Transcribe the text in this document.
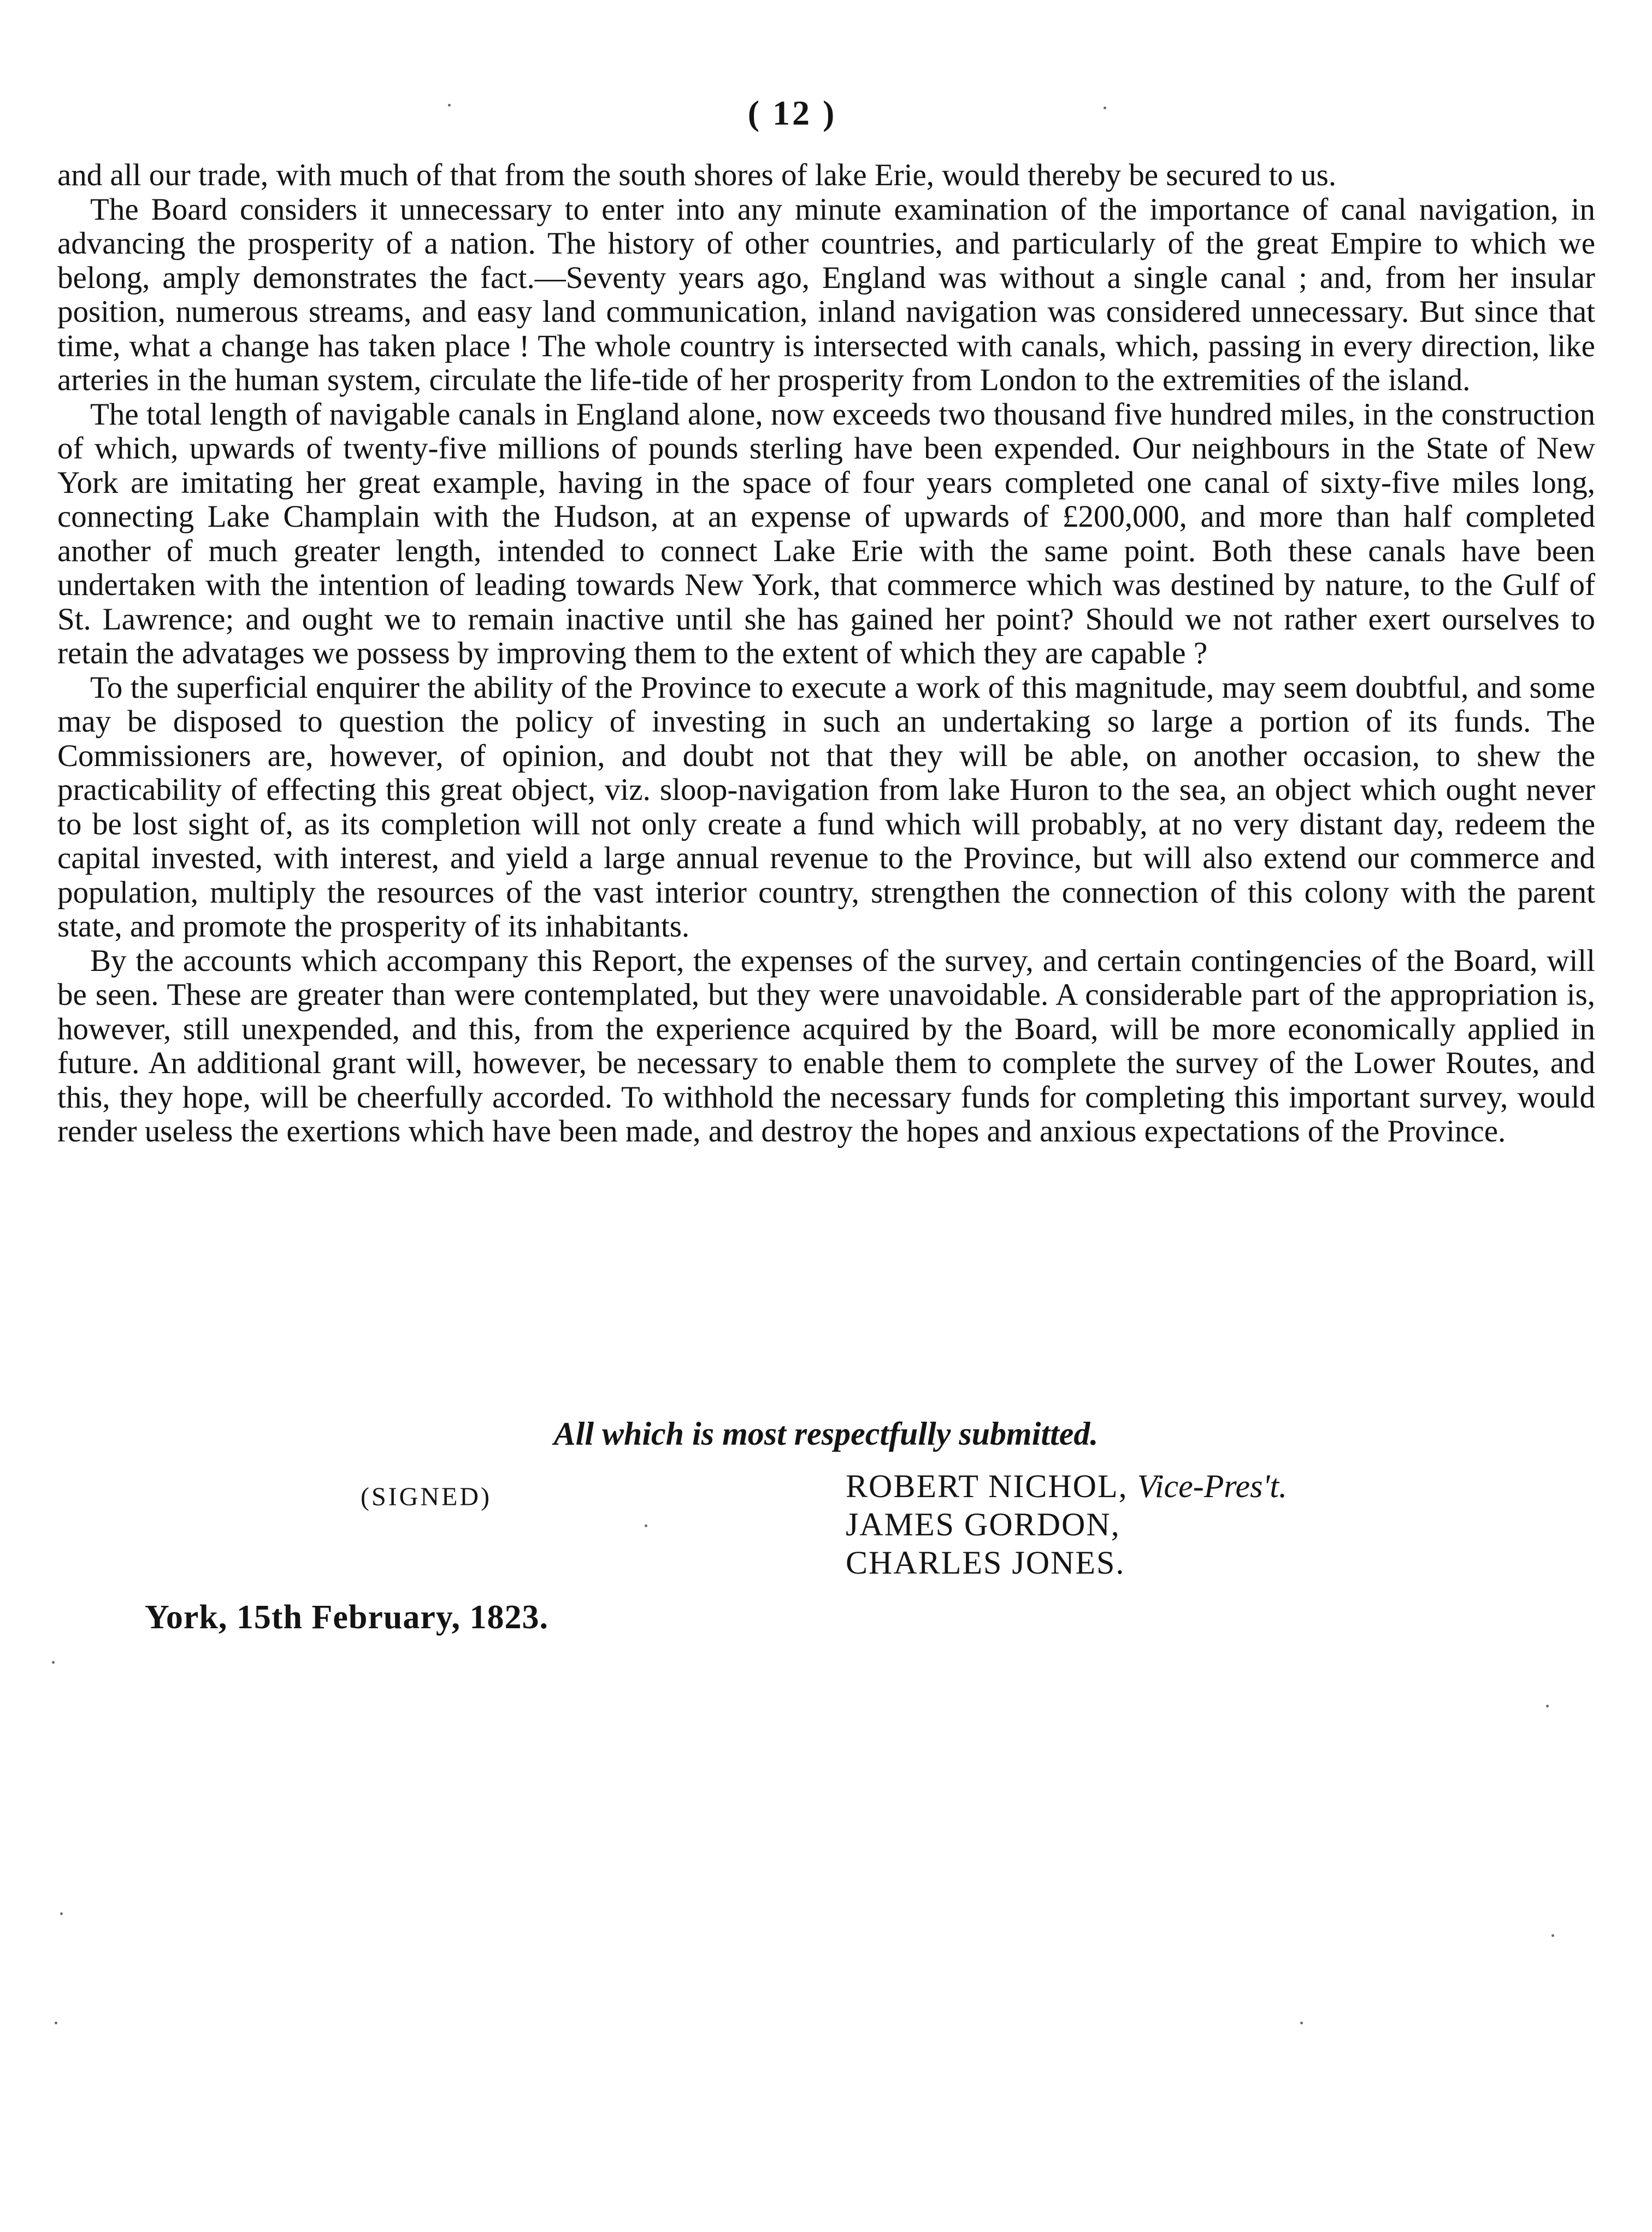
( 12 )

and all our trade, with much of that from the south shores of lake Erie, would thereby be secured to us.

The Board considers it unnecessary to enter into any minute examination of the importance of canal navigation, in advancing the prosperity of a nation. The history of other countries, and particularly of the great Empire to which we belong, amply demonstrates the fact.—Seventy years ago, England was without a single canal ; and, from her insular position, numerous streams, and easy land communication, inland navigation was considered unnecessary. But since that time, what a change has taken place ! The whole country is intersected with canals, which, passing in every direction, like arteries in the human system, circulate the life-tide of her prosperity from London to the extremities of the island.

The total length of navigable canals in England alone, now exceeds two thousand five hundred miles, in the construction of which, upwards of twenty-five millions of pounds sterling have been expended. Our neighbours in the State of New York are imitating her great example, having in the space of four years completed one canal of sixty-five miles long, connecting Lake Champlain with the Hudson, at an expense of upwards of £200,000, and more than half completed another of much greater length, intended to connect Lake Erie with the same point. Both these canals have been undertaken with the intention of leading towards New York, that commerce which was destined by nature, to the Gulf of St. Lawrence; and ought we to remain inactive until she has gained her point? Should we not rather exert ourselves to retain the advatages we possess by improving them to the extent of which they are capable ?

To the superficial enquirer the ability of the Province to execute a work of this magnitude, may seem doubtful, and some may be disposed to question the policy of investing in such an undertaking so large a portion of its funds. The Commissioners are, however, of opinion, and doubt not that they will be able, on another occasion, to shew the practicability of effecting this great object, viz. sloop-navigation from lake Huron to the sea, an object which ought never to be lost sight of, as its completion will not only create a fund which will probably, at no very distant day, redeem the capital invested, with interest, and yield a large annual revenue to the Province, but will also extend our commerce and population, multiply the resources of the vast interior country, strengthen the connection of this colony with the parent state, and promote the prosperity of its inhabitants.

By the accounts which accompany this Report, the expenses of the survey, and certain contingencies of the Board, will be seen. These are greater than were contemplated, but they were unavoidable. A considerable part of the appropriation is, however, still unexpended, and this, from the experience acquired by the Board, will be more economically applied in future. An additional grant will, however, be necessary to enable them to complete the survey of the Lower Routes, and this, they hope, will be cheerfully accorded. To withhold the necessary funds for completing this important survey, would render useless the exertions which have been made, and destroy the hopes and anxious expectations of the Province.

All which is most respectfully submitted.
(SIGNED)	ROBERT NICHOL, Vice-Pres't.
JAMES GORDON,
CHARLES JONES.
York, 15th February, 1823.
